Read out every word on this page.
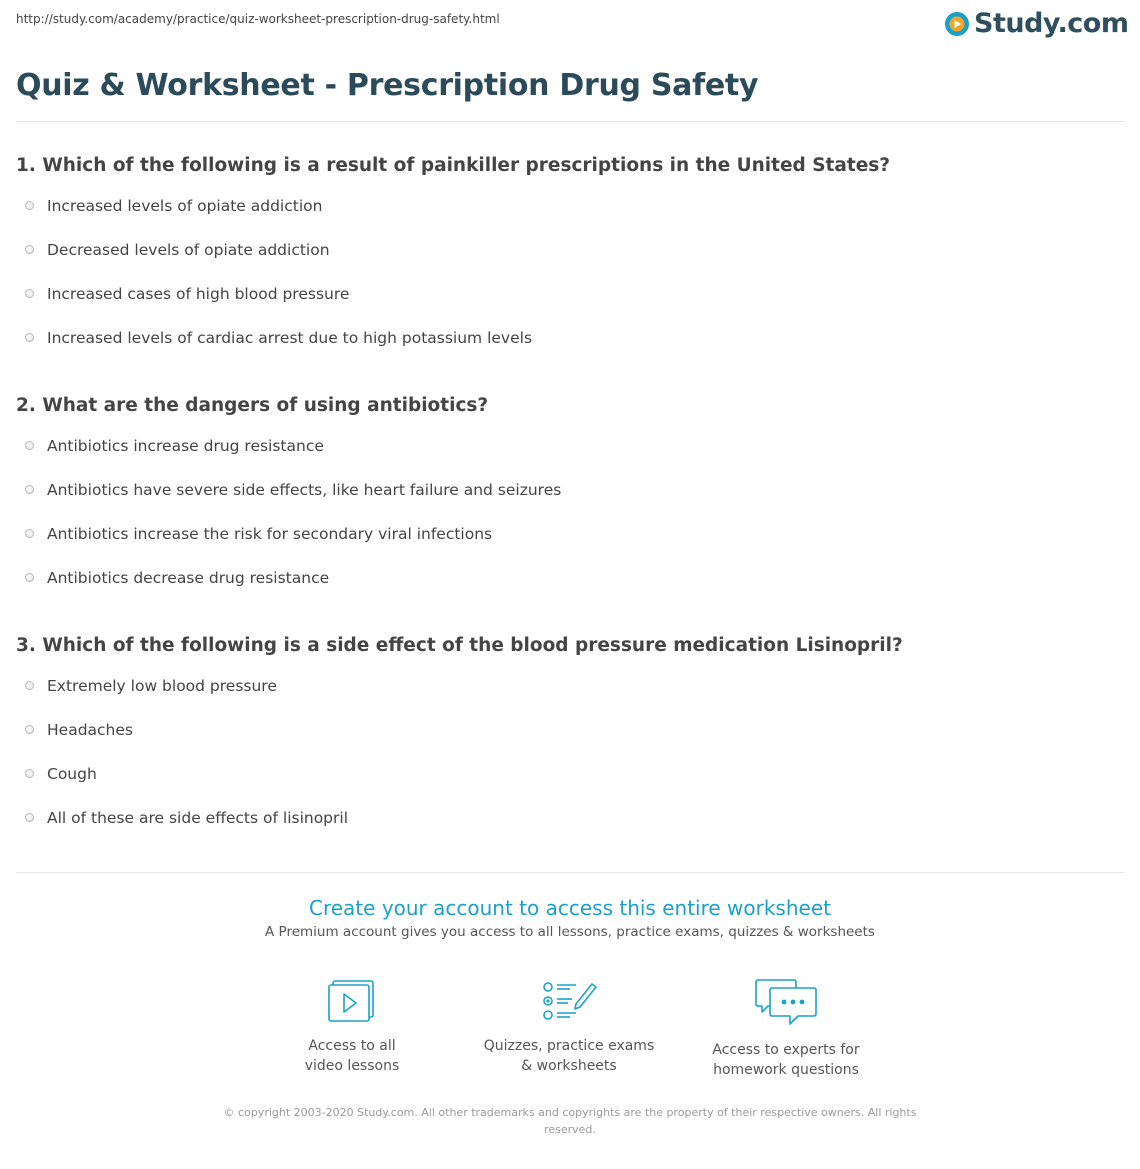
http://study.com/academy/practice/quiz-worksheet-prescription-drug-safety.html	Study.com
Quiz & Worksheet - Prescription Drug Safety
1. Which of the following is a result of painkiller prescriptions in the United States?
Increased levels of opiate addiction
Decreased levels of opiate addiction
Increased cases of high blood pressure
Increased levels of cardiac arrest due to high potassium levels
2. What are the dangers of using antibiotics?
Antibiotics increase drug resistance
Antibiotics have severe side effects, like heart failure and seizures
Antibiotics increase the risk for secondary viral infections
Antibiotics decrease drug resistance
3. Which of the following is a side effect of the blood pressure medication Lisinopril?
Extremely low blood pressure
Headaches
Cough
All of these are side effects of lisinopril

Create your account to access this entire worksheet

A Premium account gives you access to all lessons, practice exams, quizzes & worksheets

Access to all
video lessons
Quizzes, practice exams
& worksheets
Access to experts for
homework questions
© copyright 2003-2020 Study.com. All other trademarks and copyrights are the property of their respective owners. All rights
reserved.
